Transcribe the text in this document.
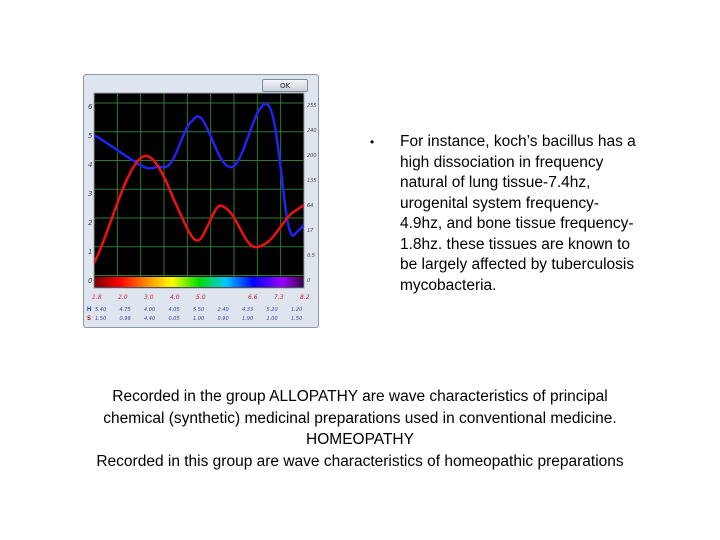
OK
6
5
4
3
2
1
0
255
240
200
135
64
17
0.5
0
1.8	2.0	3.0	4.0	5.0	6.6	7.3	8.2
H
S
5.40	4.75	4.00	4.05	5.50	2.40	4.33	5.20	1.20
1.50	0.99	4.40	0.05	1.00	0.90	1.90	1.00	1.50
•	For instance, koch’s bacillus has a
high dissociation in frequency
natural of lung tissue-7.4hz,
urogenital system frequency-
4.9hz, and bone tissue frequency-
1.8hz. these tissues are known to
be largely affected by tuberculosis
mycobacteria.
Recorded in the group ALLOPATHY are wave characteristics of principal
chemical (synthetic) medicinal preparations used in conventional medicine.
HOMEOPATHY
Recorded in this group are wave characteristics of homeopathic preparations
